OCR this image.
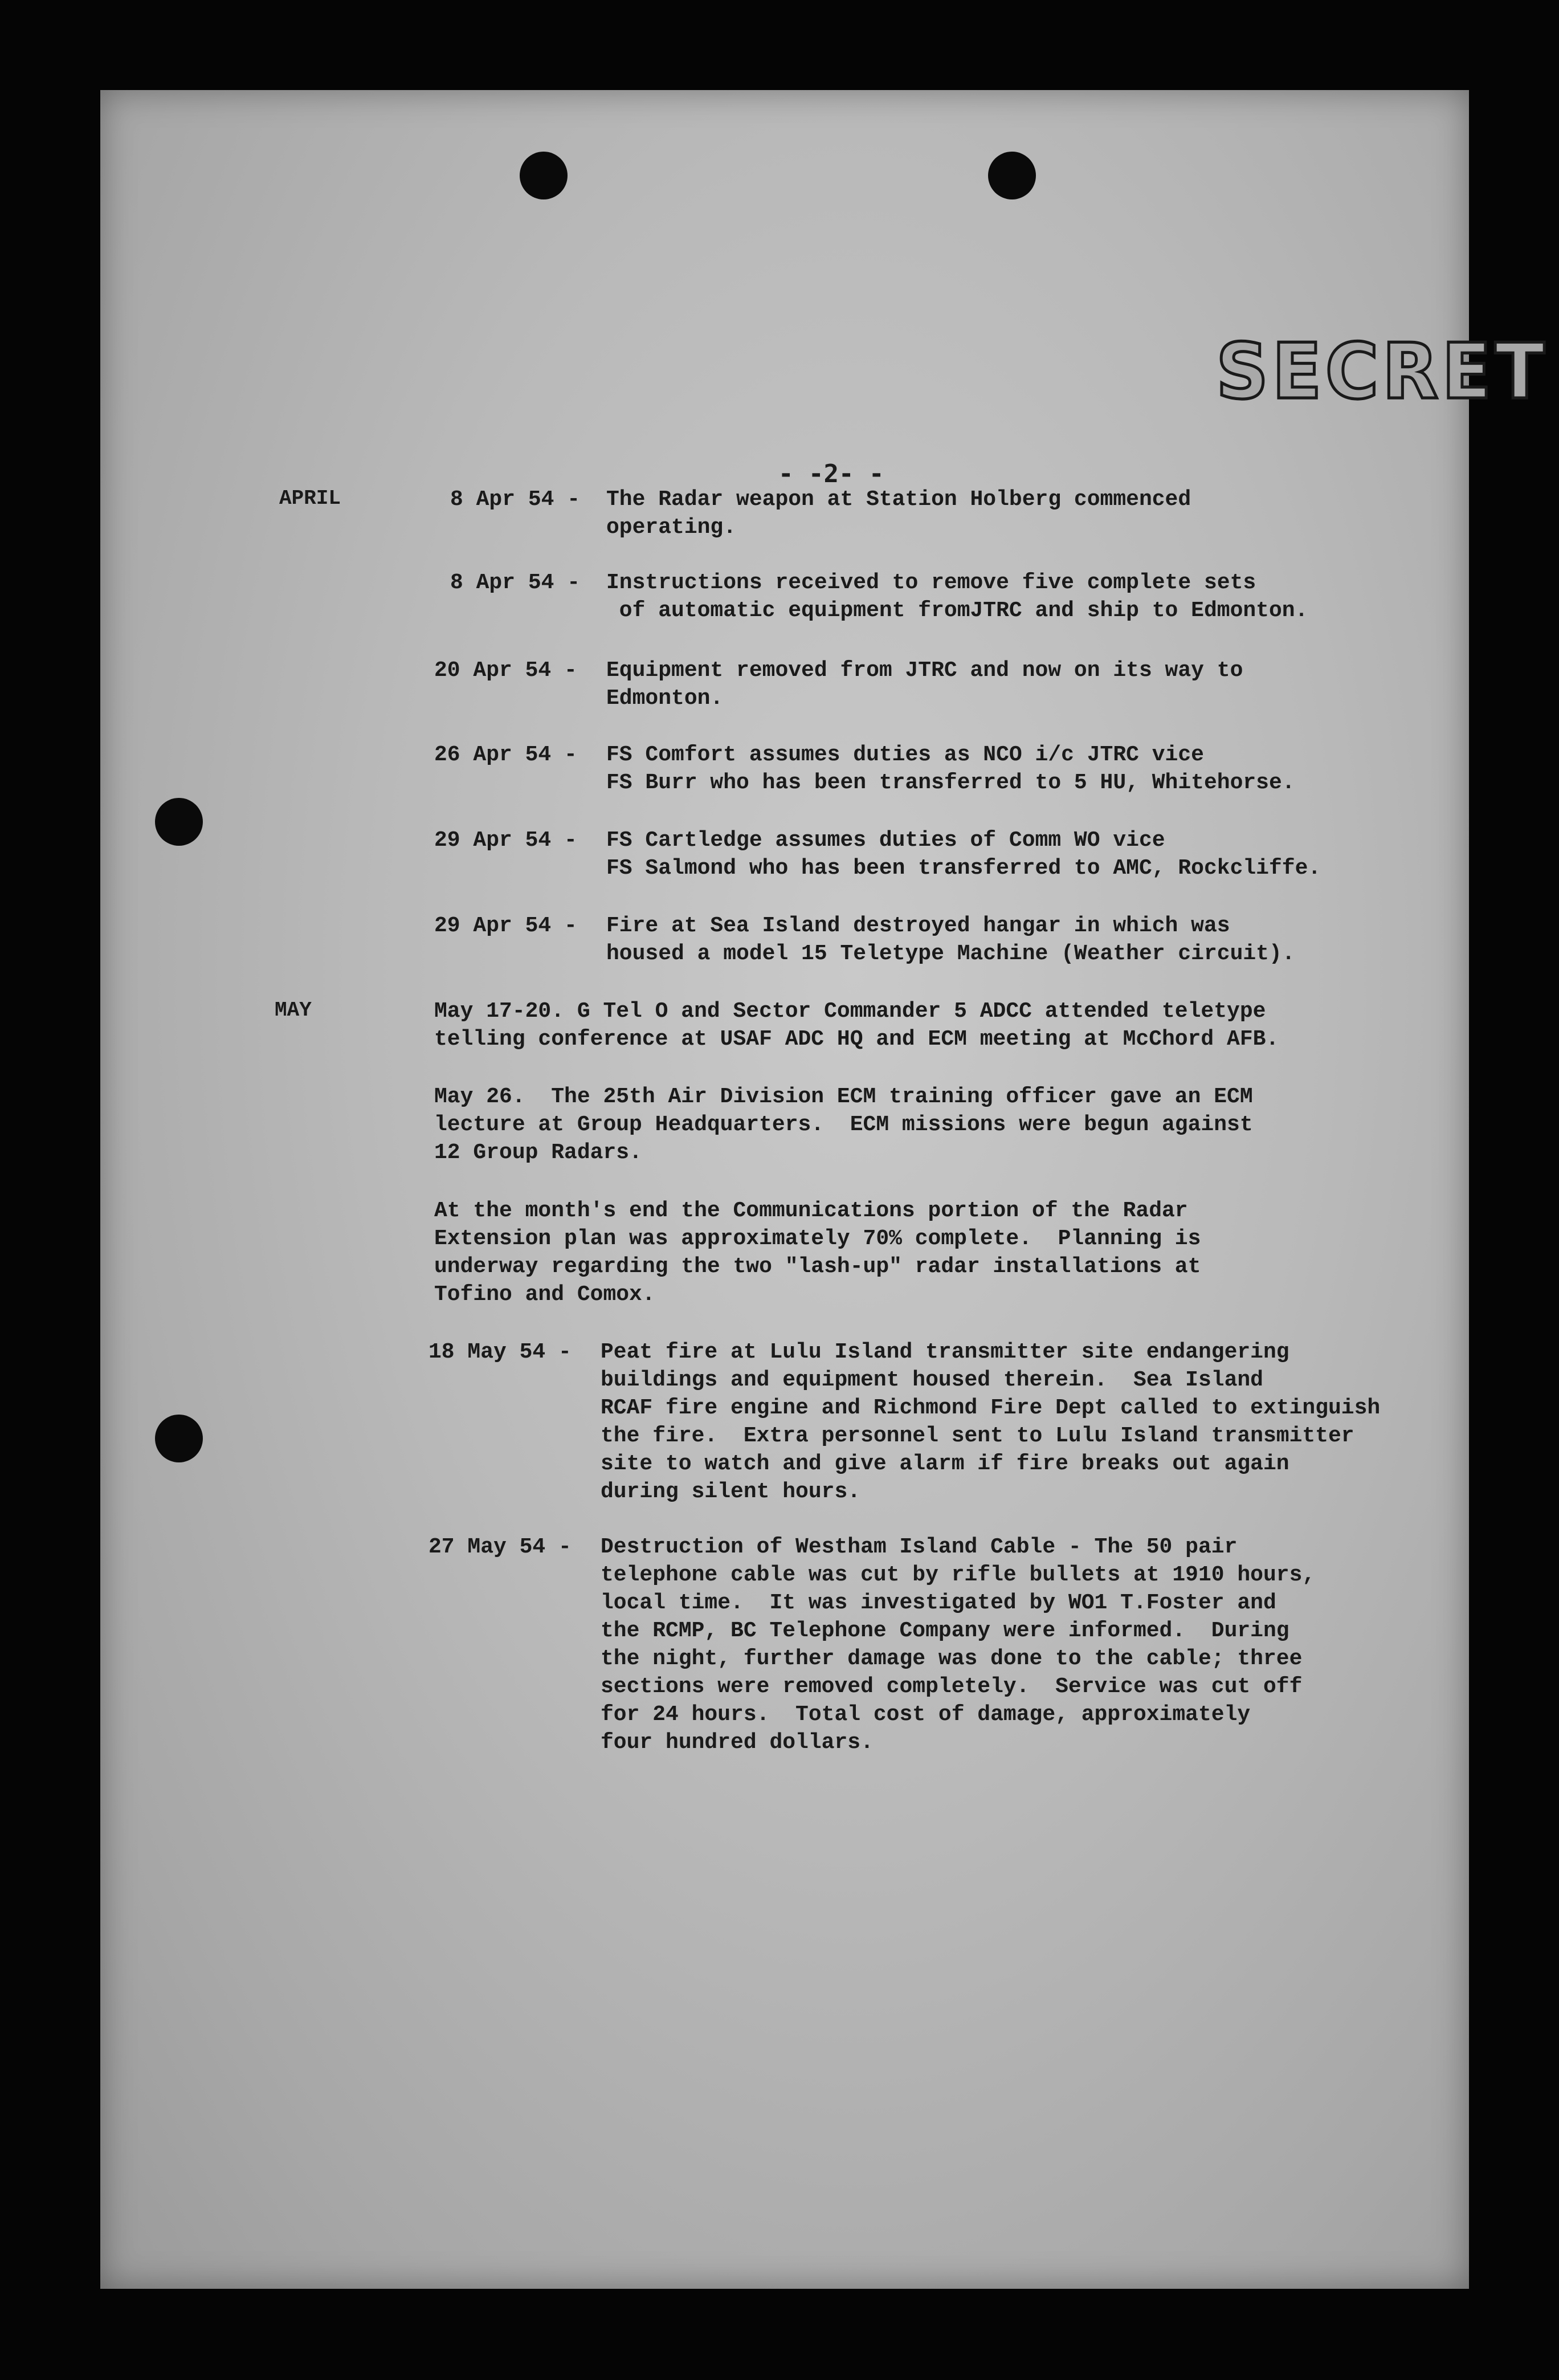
SECRET
- -2- -
APRIL	8 Apr 54 - The Radar weapon at Station Holberg commenced
operating.
8 Apr 54 - Instructions received to remove five complete sets
of automatic equipment fromJTRC and ship to Edmonton.
20 Apr 54 - Equipment removed from JTRC and now on its way to
Edmonton.
26 Apr 54 - FS Comfort assumes duties as NCO i/c JTRC vice
FS Burr who has been transferred to 5 HU, Whitehorse.
29 Apr 54 - FS Cartledge assumes duties of Comm WO vice
FS Salmond who has been transferred to AMC, Rockcliffe.
29 Apr 54 - Fire at Sea Island destroyed hangar in which was
housed a model 15 Teletype Machine (Weather circuit).
MAY	May 17-20. G Tel O and Sector Commander 5 ADCC attended teletype
telling conference at USAF ADC HQ and ECM meeting at McChord AFB.
May 26.  The 25th Air Division ECM training officer gave an ECM
lecture at Group Headquarters.  ECM missions were begun against
12 Group Radars.
At the month's end the Communications portion of the Radar
Extension plan was approximately 70% complete.  Planning is
underway regarding the two "lash-up" radar installations at
Tofino and Comox.
18 May 54 - Peat fire at Lulu Island transmitter site endangering
buildings and equipment housed therein.  Sea Island
RCAF fire engine and Richmond Fire Dept called to extinguish
the fire.  Extra personnel sent to Lulu Island transmitter
site to watch and give alarm if fire breaks out again
during silent hours.
27 May 54 - Destruction of Westham Island Cable - The 50 pair
telephone cable was cut by rifle bullets at 1910 hours,
local time.  It was investigated by WO1 T.Foster and
the RCMP, BC Telephone Company were informed.  During
the night, further damage was done to the cable; three
sections were removed completely.  Service was cut off
for 24 hours.  Total cost of damage, approximately
four hundred dollars.
